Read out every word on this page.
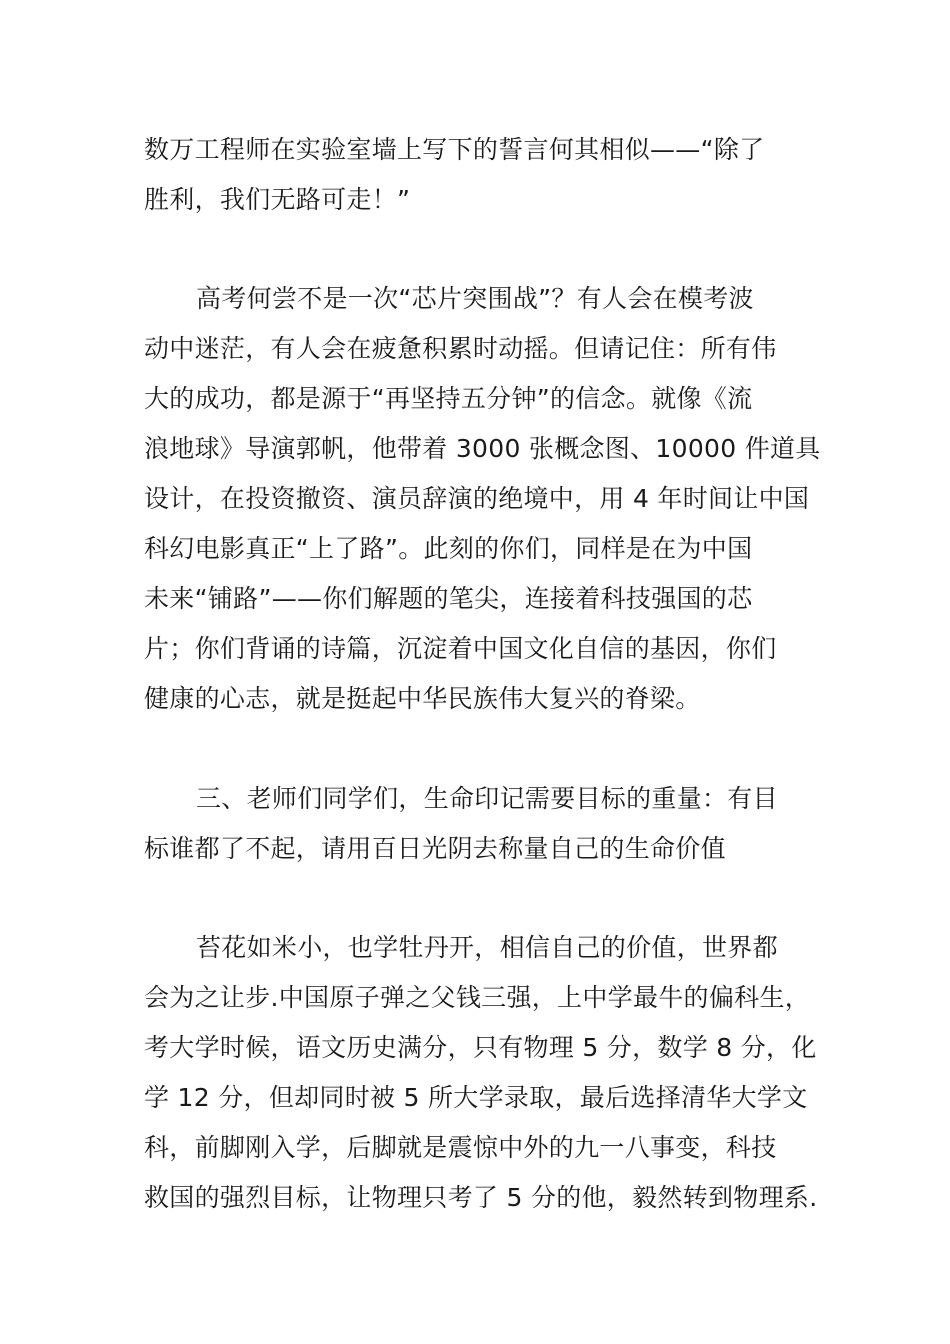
数万工程师在实验室墙上写下的誓言何其相似——“除了
胜利，我们无路可走！”
高考何尝不是一次“芯片突围战”？有人会在模考波
动中迷茫，有人会在疲惫积累时动摇。但请记住：所有伟
大的成功，都是源于“再坚持五分钟”的信念。就像《流
浪地球》导演郭帆，他带着 3000 张概念图、10000 件道具
设计，在投资撤资、演员辞演的绝境中，用 4 年时间让中国
科幻电影真正“上了路”。此刻的你们，同样是在为中国
未来“铺路”——你们解题的笔尖，连接着科技强国的芯
片；你们背诵的诗篇，沉淀着中国文化自信的基因，你们
健康的心志，就是挺起中华民族伟大复兴的脊梁。
三、老师们同学们，生命印记需要目标的重量：有目
标谁都了不起，请用百日光阴去称量自己的生命价值
苔花如米小，也学牡丹开，相信自己的价值，世界都
会为之让步.中国原子弹之父钱三强，上中学最牛的偏科生，
考大学时候，语文历史满分，只有物理 5 分，数学 8 分，化
学 12 分，但却同时被 5 所大学录取，最后选择清华大学文
科，前脚刚入学，后脚就是震惊中外的九一八事变，科技
救国的强烈目标，让物理只考了 5 分的他，毅然转到物理系.
